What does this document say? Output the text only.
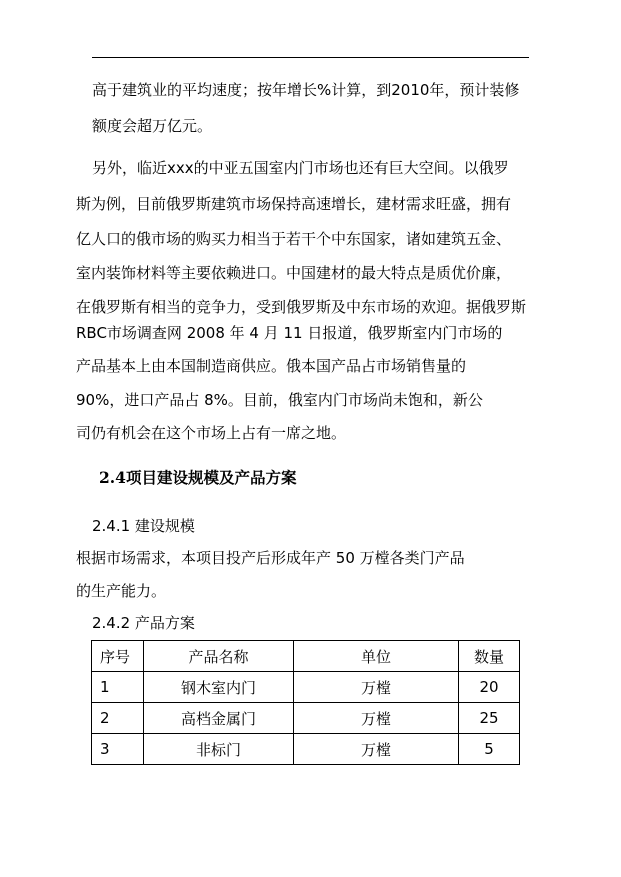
高于建筑业的平均速度；按年增长%计算，到2010年，预计装修
额度会超万亿元。
另外，临近xxx的中亚五国室内门市场也还有巨大空间。以俄罗
斯为例，目前俄罗斯建筑市场保持高速增长，建材需求旺盛，拥有
亿人口的俄市场的购买力相当于若干个中东国家，诸如建筑五金、
室内装饰材料等主要依赖进口。中国建材的最大特点是质优价廉，
在俄罗斯有相当的竞争力，受到俄罗斯及中东市场的欢迎。据俄罗斯
RBC市场调查网 2008 年 4 月 11 日报道，俄罗斯室内门市场的
产品基本上由本国制造商供应。俄本国产品占市场销售量的
90%，进口产品占 8%。目前，俄室内门市场尚未饱和，新公
司仍有机会在这个市场上占有一席之地。
2.4项目建设规模及产品方案
2.4.1 建设规模
根据市场需求，本项目投产后形成年产 50 万樘各类门产品
的生产能力。
2.4.2 产品方案
序号	产品名称	单位	数量
1	钢木室内门	万樘	20
2	高档金属门	万樘	25
3	非标门	万樘	5
